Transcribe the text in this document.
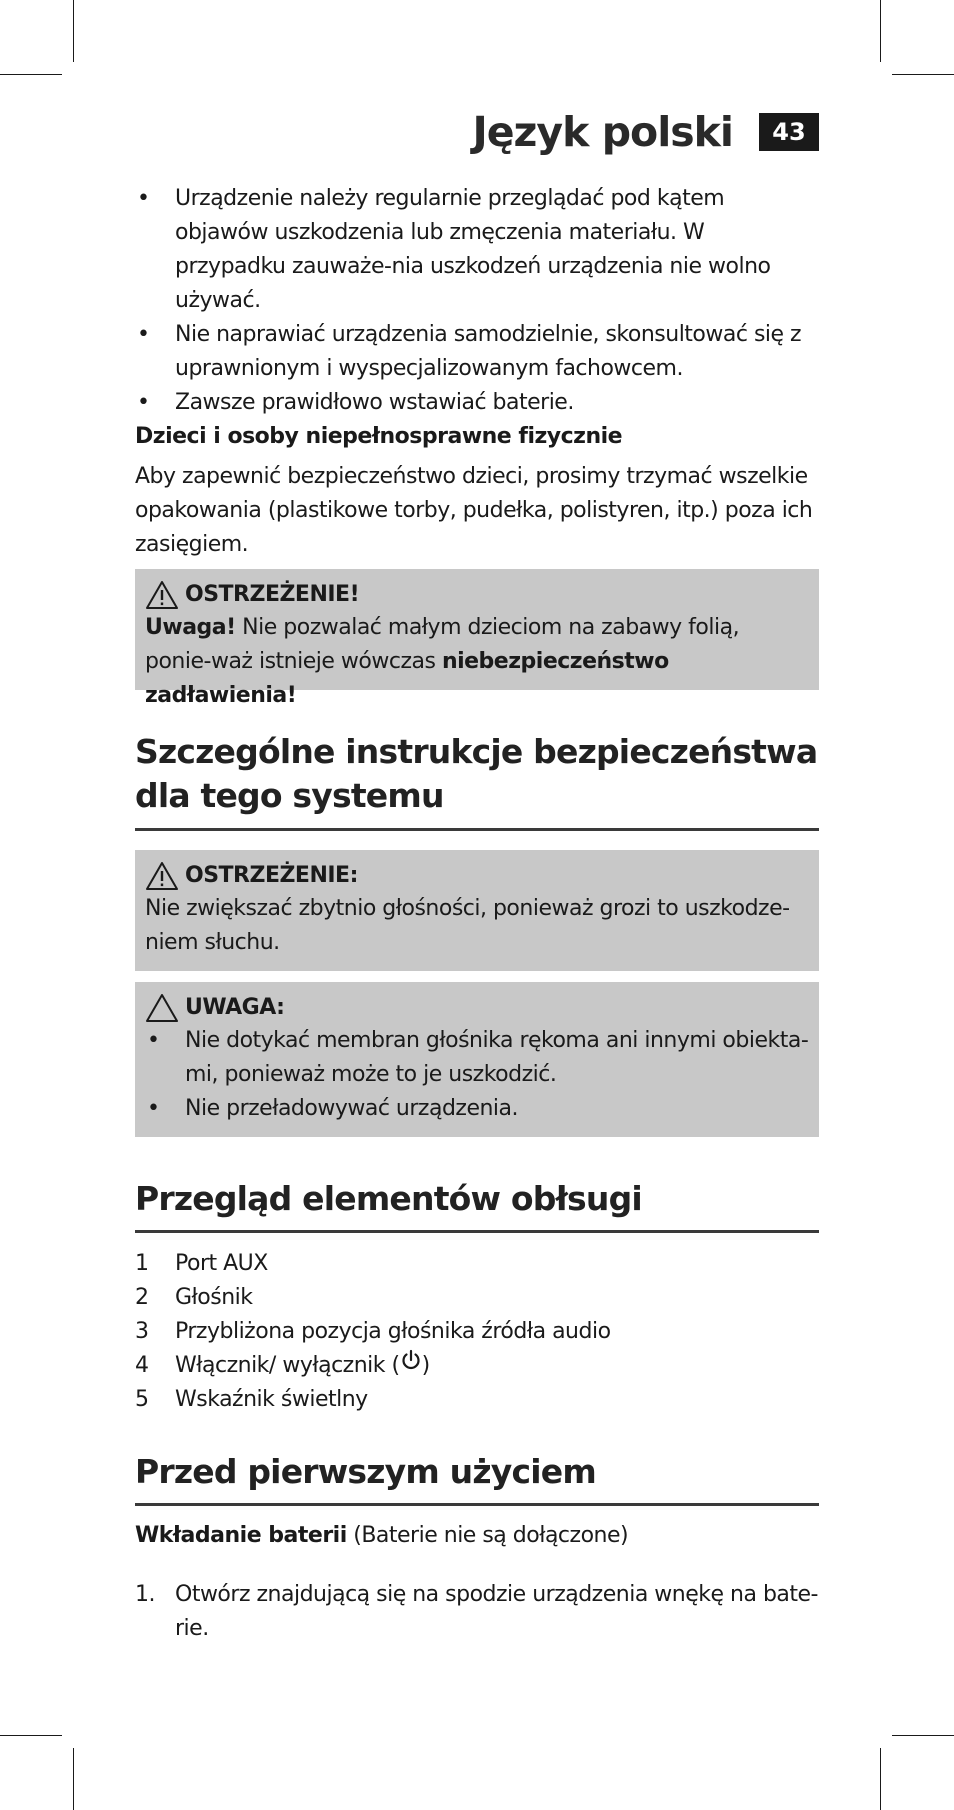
Język polski	43
• Urządzenie należy regularnie przeglądać pod kątem objawów uszkodzenia lub zmęczenia materiału. W przypadku zauważe-nia uszkodzeń urządzenia nie wolno używać.
• Nie naprawiać urządzenia samodzielnie, skonsultować się z uprawnionym i wyspecjalizowanym fachowcem.
• Zawsze prawidłowo wstawiać baterie.
Dzieci i osoby niepełnosprawne fizycznie

Aby zapewnić bezpieczeństwo dzieci, prosimy trzymać wszelkie opakowania (plastikowe torby, pudełka, polistyren, itp.) poza ich zasięgiem.

OSTRZEŻENIE!

Uwaga! Nie pozwalać małym dzieciom na zabawy folią, ponie-waż istnieje wówczas niebezpieczeństwo zadławienia!

Szczególne instrukcje bezpieczeństwa dla tego systemu
OSTRZEŻENIE:

Nie zwiększać zbytnio głośności, ponieważ grozi to uszkodze-niem słuchu.

UWAGA:
• Nie dotykać membran głośnika rękoma ani innymi obiekta-mi, ponieważ może to je uszkodzić.
• Nie przeładowywać urządzenia.
Przegląd elementów obłsugi
1	Port AUX
2	Głośnik
3	Przybliżona pozycja głośnika źródła audio
4	Włącznik/ wyłącznik ( )
5	Wskaźnik świetlny
Przed pierwszym użyciem

Wkładanie baterii (Baterie nie są dołączone)

1. Otwórz znajdującą się na spodzie urządzenia wnękę na bate-rie.
